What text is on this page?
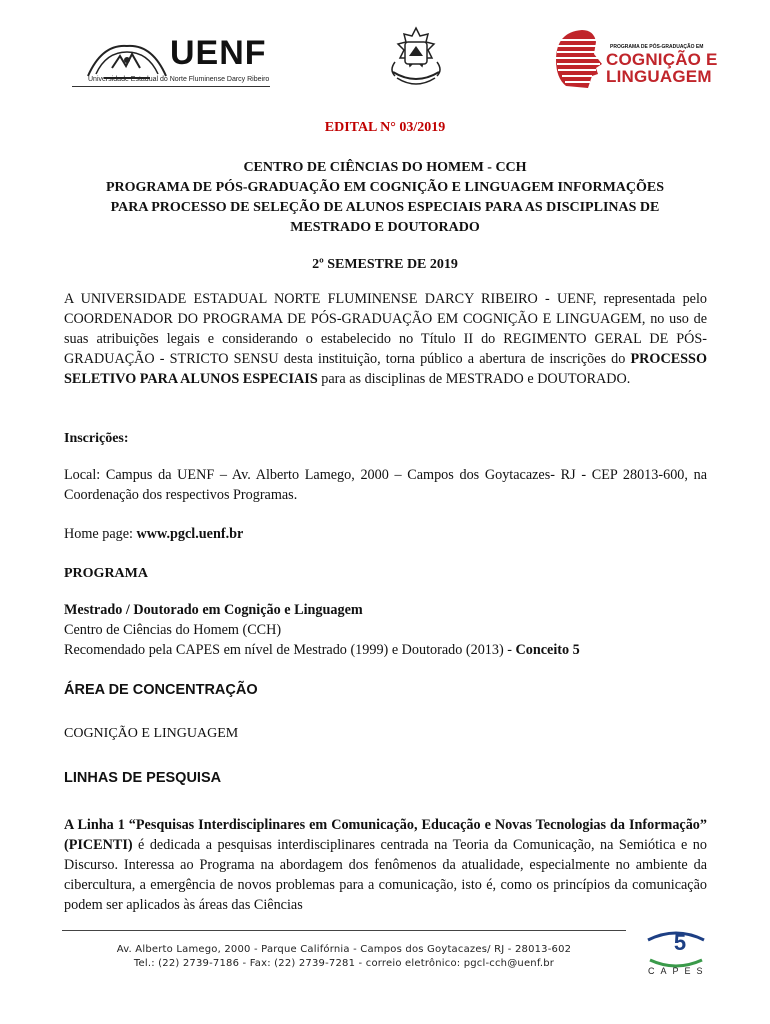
UENF
Universidade Estadual do Norte Fluminense Darcy Ribeiro
PROGRAMA DE PÓS-GRADUAÇÃO EM
COGNIÇÃO E
LINGUAGEM
EDITAL N° 03/2019
CENTRO DE CIÊNCIAS DO HOMEM - CCH
PROGRAMA DE PÓS-GRADUAÇÃO EM COGNIÇÃO E LINGUAGEM INFORMAÇÕES
PARA PROCESSO DE SELEÇÃO DE ALUNOS ESPECIAIS PARA AS DISCIPLINAS DE
MESTRADO E DOUTORADO
2º SEMESTRE DE 2019
A UNIVERSIDADE ESTADUAL NORTE FLUMINENSE DARCY RIBEIRO - UENF, representada pelo COORDENADOR DO PROGRAMA DE PÓS-GRADUAÇÃO EM COGNIÇÃO E LINGUAGEM, no uso de suas atribuições legais e considerando o estabelecido no Título II do REGIMENTO GERAL DE PÓS-GRADUAÇÃO - STRICTO SENSU desta instituição, torna público a abertura de inscrições do PROCESSO SELETIVO PARA ALUNOS ESPECIAIS para as disciplinas de MESTRADO e DOUTORADO.
Inscrições:
Local: Campus da UENF – Av. Alberto Lamego, 2000 – Campos dos Goytacazes- RJ - CEP 28013-600, na Coordenação dos respectivos Programas.
Home page: www.pgcl.uenf.br
PROGRAMA
Mestrado / Doutorado em Cognição e Linguagem
Centro de Ciências do Homem (CCH)
Recomendado pela CAPES em nível de Mestrado (1999) e Doutorado (2013) - Conceito 5
ÁREA DE CONCENTRAÇÃO
COGNIÇÃO E LINGUAGEM
LINHAS DE PESQUISA
A Linha 1 “Pesquisas Interdisciplinares em Comunicação, Educação e Novas Tecnologias da Informação” (PICENTI) é dedicada a pesquisas interdisciplinares centrada na Teoria da Comunicação, na Semiótica e no Discurso. Interessa ao Programa na abordagem dos fenômenos da atualidade, especialmente no ambiente da cibercultura, a emergência de novos problemas para a comunicação, isto é, como os princípios da comunicação podem ser aplicados às áreas das Ciências
Av. Alberto Lamego, 2000 - Parque Califórnia - Campos dos Goytacazes/ RJ - 28013-602
Tel.: (22) 2739-7186 - Fax: (22) 2739-7281 - correio eletrônico: pgcl-cch@uenf.br
5
CAPES
